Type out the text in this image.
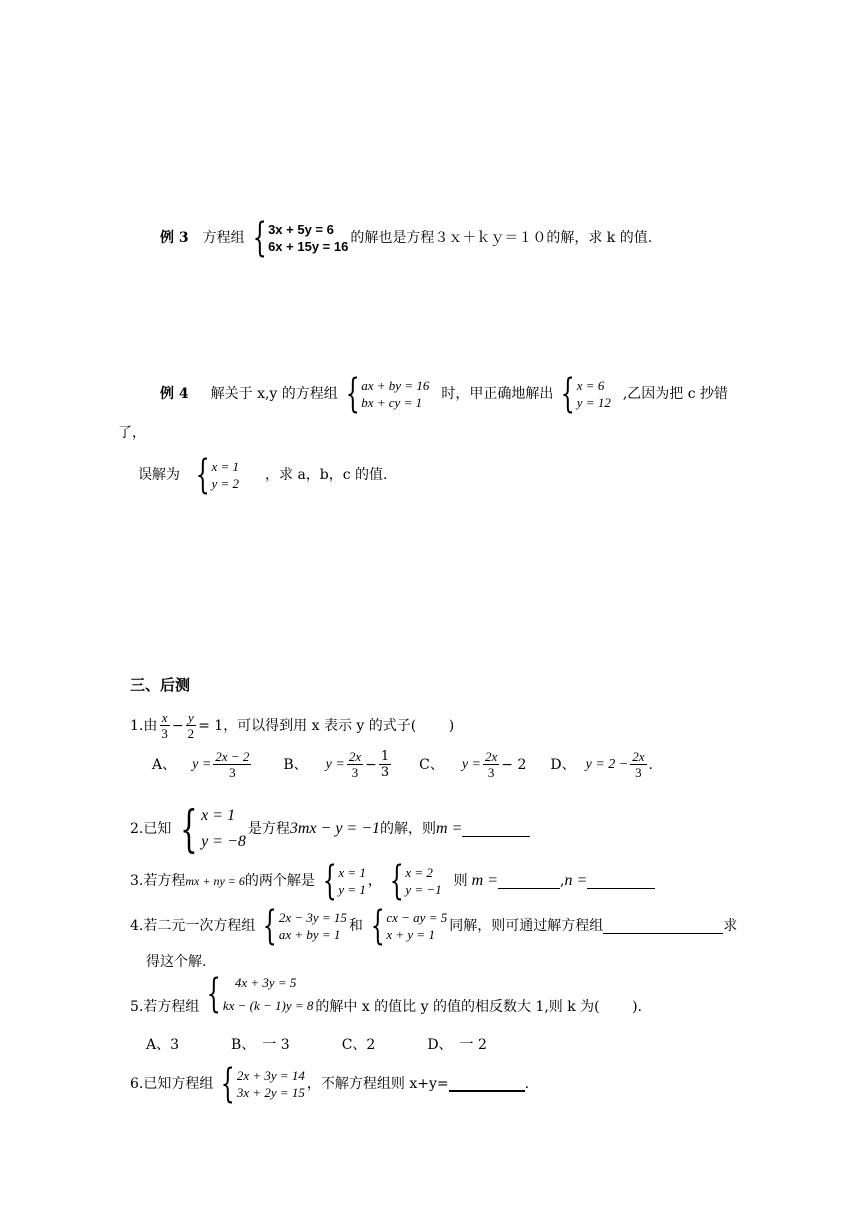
例 3 方程组 { 3x + 5y = 6
6x + 15y = 16
的解也是方程３ｘ＋ｋｙ＝１０的解，求 k 的值.
例 4 解关于 x,y 的方程组 { ax + by = 16
bx + cy = 1
时，甲正确地解出 { x = 6
y = 12
,乙因为把 c 抄错
了，
误解为 { x = 1
y = 2
，求 a，b，c 的值.
三、后测
1.由 $\frac{x}{3} - \frac{y}{2} = 1$ ，可以得到用 x 表示 y 的式子(　　 )
A、 $y = \frac{2x - 2}{3}$ B、 $y = \frac{2x}{3} - \frac{1}{3}$ C、 $y = \frac{2x}{3} - 2$ D、 $y = 2 - \frac{2x}{3}$ .
2.已知 { x = 1
y = −8
是方程 3mx − y = −1 的解，则 m =
3.若方程 mx + ny = 6 的两个解是 { x = 1
y = 1
， { x = 2
y = −1
则 m =	, n =
4.若二元一次方程组 { 2x − 3y = 15
ax + by = 1
和 { cx − ay = 5
x + y = 1
同解，则可通过解方程组	求
得这个解.
5.若方程组 {	4x + 3y = 5
kx − (k − 1)y = 8 的解中 x 的值比 y 的值的相反数大 1,则 k 为(　　 ).
A、3	B、　一 3	C、2	D、　一 2
6.已知方程组 { 2x + 3y = 14
3x + 2y = 15
，不解方程组则 x+y=	.
